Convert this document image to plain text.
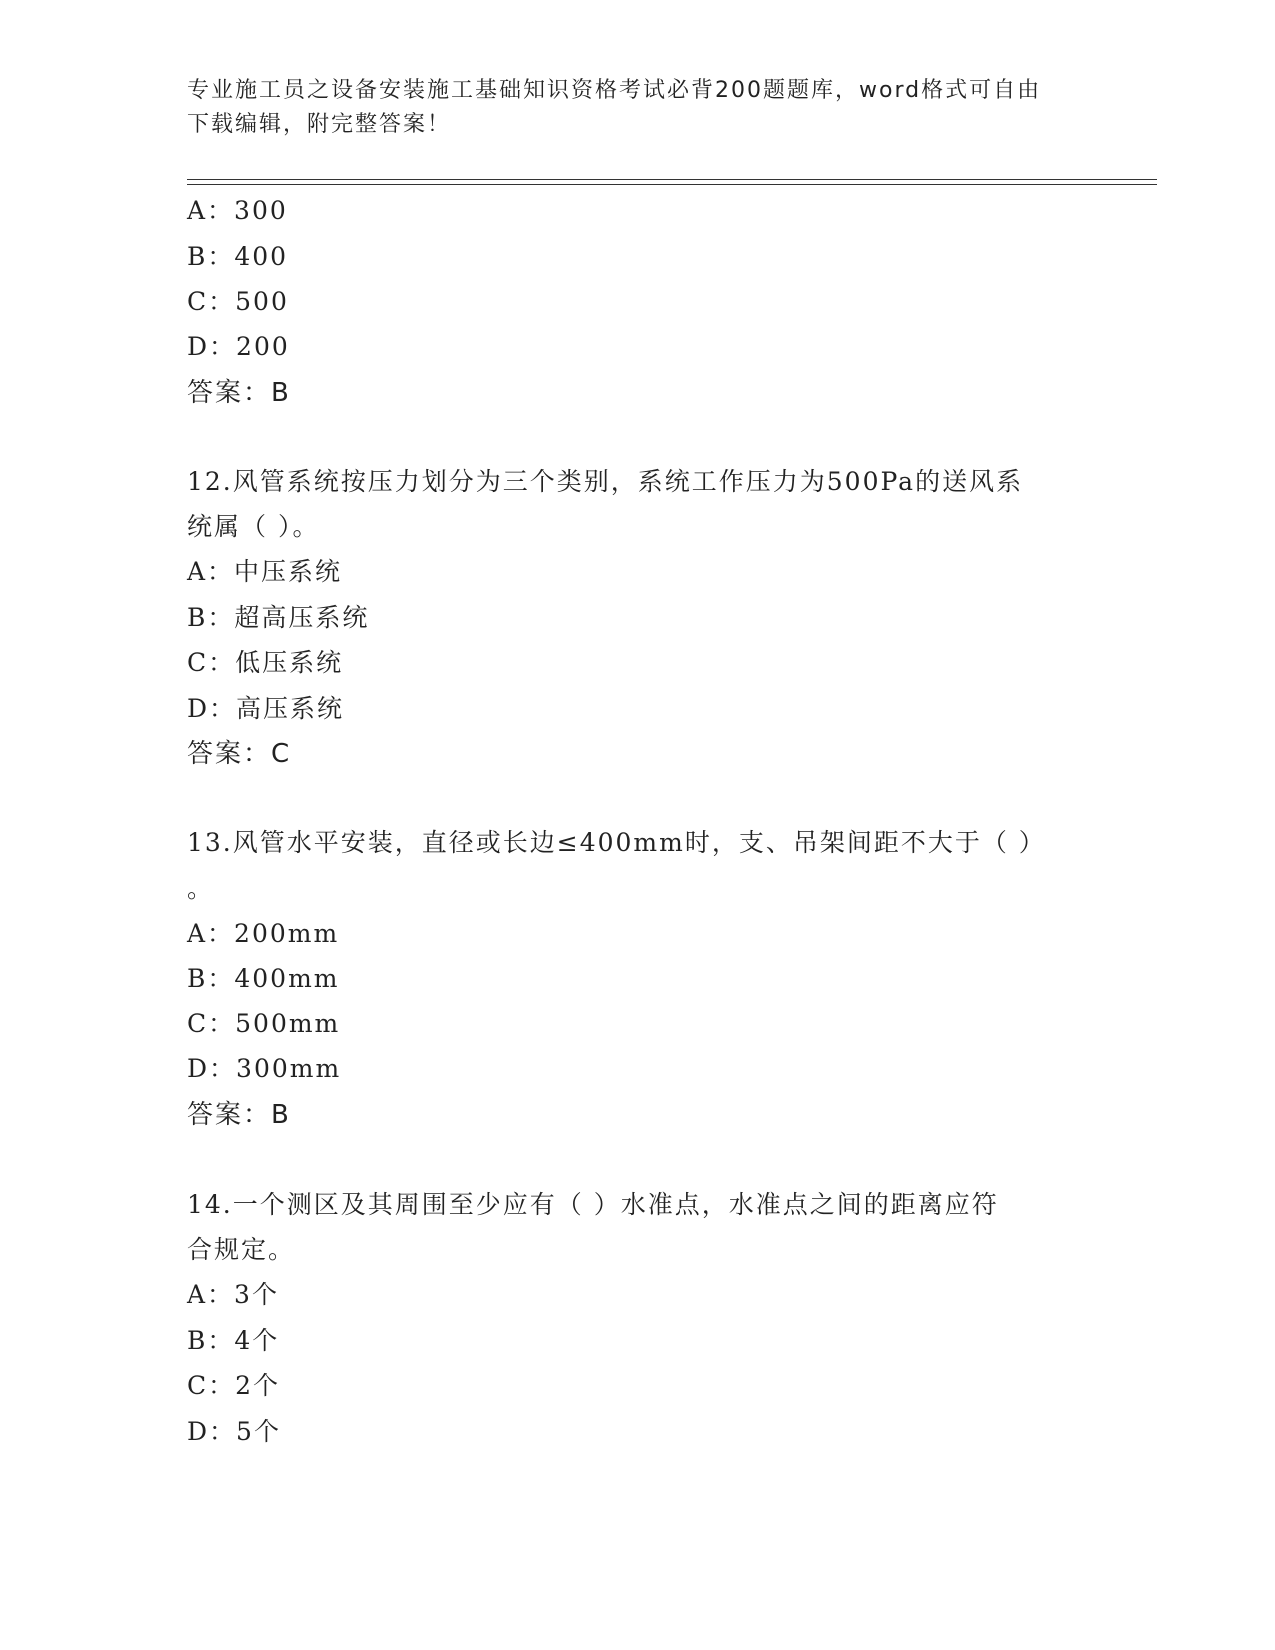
专业施工员之设备安装施工基础知识资格考试必背200题题库，word格式可自由
下载编辑，附完整答案！
A：300
B：400
C：500
D：200
答案：B
12.风管系统按压力划分为三个类别，系统工作压力为500Pa的送风系
统属（ ）。
A：中压系统
B：超高压系统
C：低压系统
D：高压系统
答案：C
13.风管水平安装，直径或长边≤400mm时，支、吊架间距不大于（ ）
。
A：200mm
B：400mm
C：500mm
D：300mm
答案：B
14.一个测区及其周围至少应有（ ）水准点，水准点之间的距离应符
合规定。
A：3个
B：4个
C：2个
D：5个
